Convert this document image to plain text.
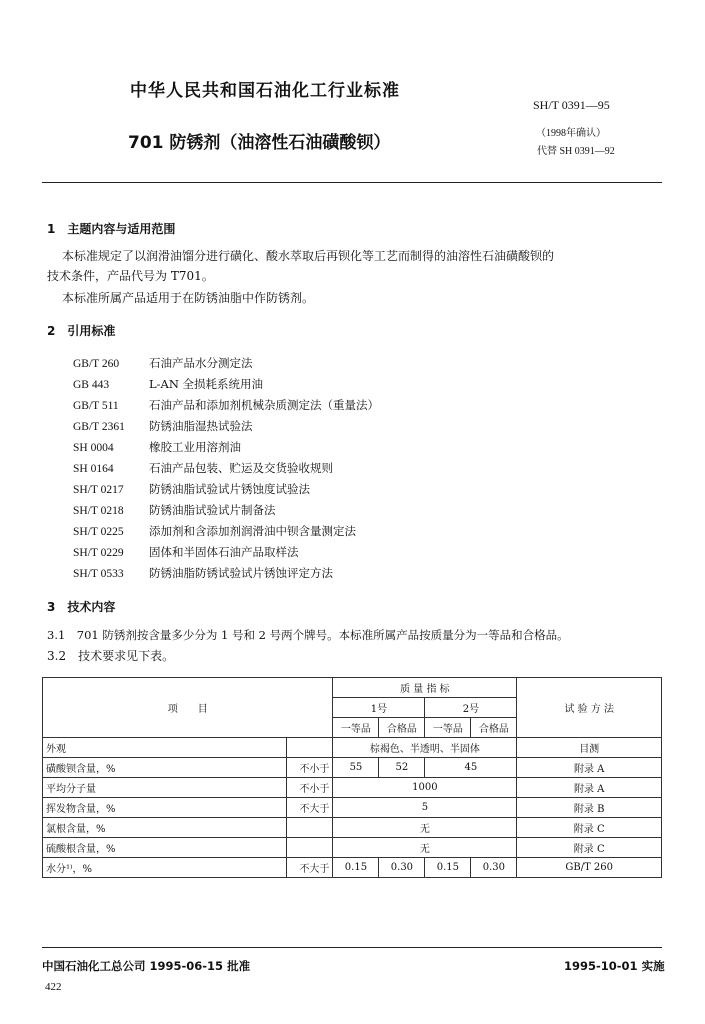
中华人民共和国石油化工行业标准
SH/T 0391—95
701 防锈剂（油溶性石油磺酸钡）	（1998年确认）
代替 SH 0391—92
1　主题内容与适用范围
本标准规定了以润滑油馏分进行磺化、酸水萃取后再钡化等工艺而制得的油溶性石油磺酸钡的
技术条件，产品代号为 T701。
本标准所属产品适用于在防锈油脂中作防锈剂。
2　引用标准
GB/T 260	石油产品水分测定法
GB 443	L-AN 全损耗系统用油
GB/T 511	石油产品和添加剂机械杂质测定法（重量法）
GB/T 2361 防锈油脂湿热试验法
SH 0004	橡胶工业用溶剂油
SH 0164	石油产品包装、贮运及交货验收规则
SH/T 0217 防锈油脂试验试片锈蚀度试验法
SH/T 0218 防锈油脂试验试片制备法
SH/T 0225 添加剂和含添加剂润滑油中钡含量测定法
SH/T 0229 固体和半固体石油产品取样法
SH/T 0533 防锈油脂防锈试验试片锈蚀评定方法
3　技术内容
3.1　701 防锈剂按含量多少分为 1 号和 2 号两个牌号。本标准所属产品按质量分为一等品和合格品。
3.2　技术要求见下表。
项　　目		质 量 指 标				试 验 方 法
		1号		2号		
		一等品	合格品	一等品	合格品	
外观		棕褐色、半透明、半固体				目测
磺酸钡含量，%	不小于	55	52	45		附录 A
平均分子量	不小于	1000				附录 A
挥发物含量，%	不大于	5				附录 B
氯根含量，%		无				附录 C
硫酸根含量，%		无				附录 C
水分¹⁾，%	不大于	0.15	0.30	0.15	0.30	GB/T 260
中国石油化工总公司 1995-06-15 批准	1995-10-01 实施
422
